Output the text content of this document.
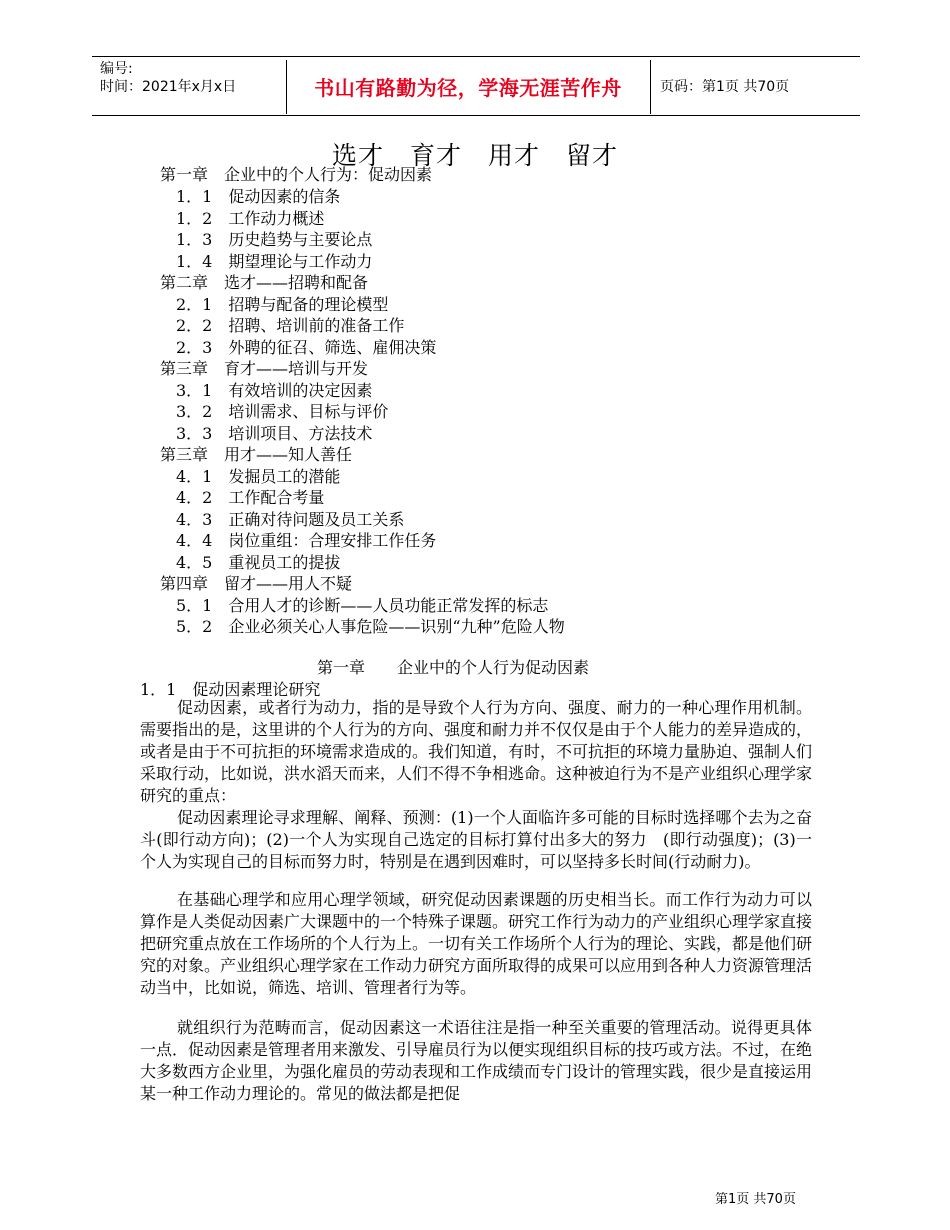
编号:
时间：2021年x月x日	书山有路勤为径，学海无涯苦作舟	页码：第1页 共70页
选才　育才　用才　留才
第一章　企业中的个人行为：促动因素
1．1　促动因素的信条
1．2　工作动力概述
1．3　历史趋势与主要论点
1．4　期望理论与工作动力
第二章　选才——招聘和配备
2．1　招聘与配备的理论模型
2．2　招聘、培训前的准备工作
2．3　外聘的征召、筛选、雇佣决策
第三章　育才——培训与开发
3．1　有效培训的决定因素
3．2　培训需求、目标与评价
3．3　培训项目、方法技术
第三章　用才——知人善任
4．1　发掘员工的潜能
4．2　工作配合考量
4．3　正确对待问题及员工关系
4．4　岗位重组：合理安排工作任务
4．5　重视员工的提拔
第四章　留才——用人不疑
5．1　合用人才的诊断——人员功能正常发挥的标志
5．2　企业必须关心人事危险——识别“九种”危险人物
第一章　　企业中的个人行为促动因素
1．1　促动因素理论研究

促动因素，或者行为动力，指的是导致个人行为方向、强度、耐力的一种心理作用机制。需要指出的是，这里讲的个人行为的方向、强度和耐力并不仅仅是由于个人能力的差异造成的，或者是由于不可抗拒的环境需求造成的。我们知道，有时，不可抗拒的环境力量胁迫、强制人们采取行动，比如说，洪水滔天而来，人们不得不争相逃命。这种被迫行为不是产业组织心理学家研究的重点：

促动因素理论寻求理解、阐释、预测：(1)一个人面临许多可能的目标时选择哪个去为之奋斗(即行动方向)；(2)一个人为实现自己选定的目标打算付出多大的努力　(即行动强度)；(3)一个人为实现自己的目标而努力时，特别是在遇到因难时，可以坚持多长时间(行动耐力)。

在基础心理学和应用心理学领域，研究促动因素课题的历史相当长。而工作行为动力可以算作是人类促动因素广大课题中的一个特殊子课题。研究工作行为动力的产业组织心理学家直接把研究重点放在工作场所的个人行为上。一切有关工作场所个人行为的理论、实践，都是他们研究的对象。产业组织心理学家在工作动力研究方面所取得的成果可以应用到各种人力资源管理活动当中，比如说，筛选、培训、管理者行为等。

就组织行为范畴而言，促动因素这一术语往注是指一种至关重要的管理活动。说得更具体一点．促动因素是管理者用来激发、引导雇员行为以便实现组织目标的技巧或方法。不过，在绝大多数西方企业里，为强化雇员的劳动表现和工作成绩而专门设计的管理实践，很少是直接运用某一种工作动力理论的。常见的做法都是把促

第1页 共70页
